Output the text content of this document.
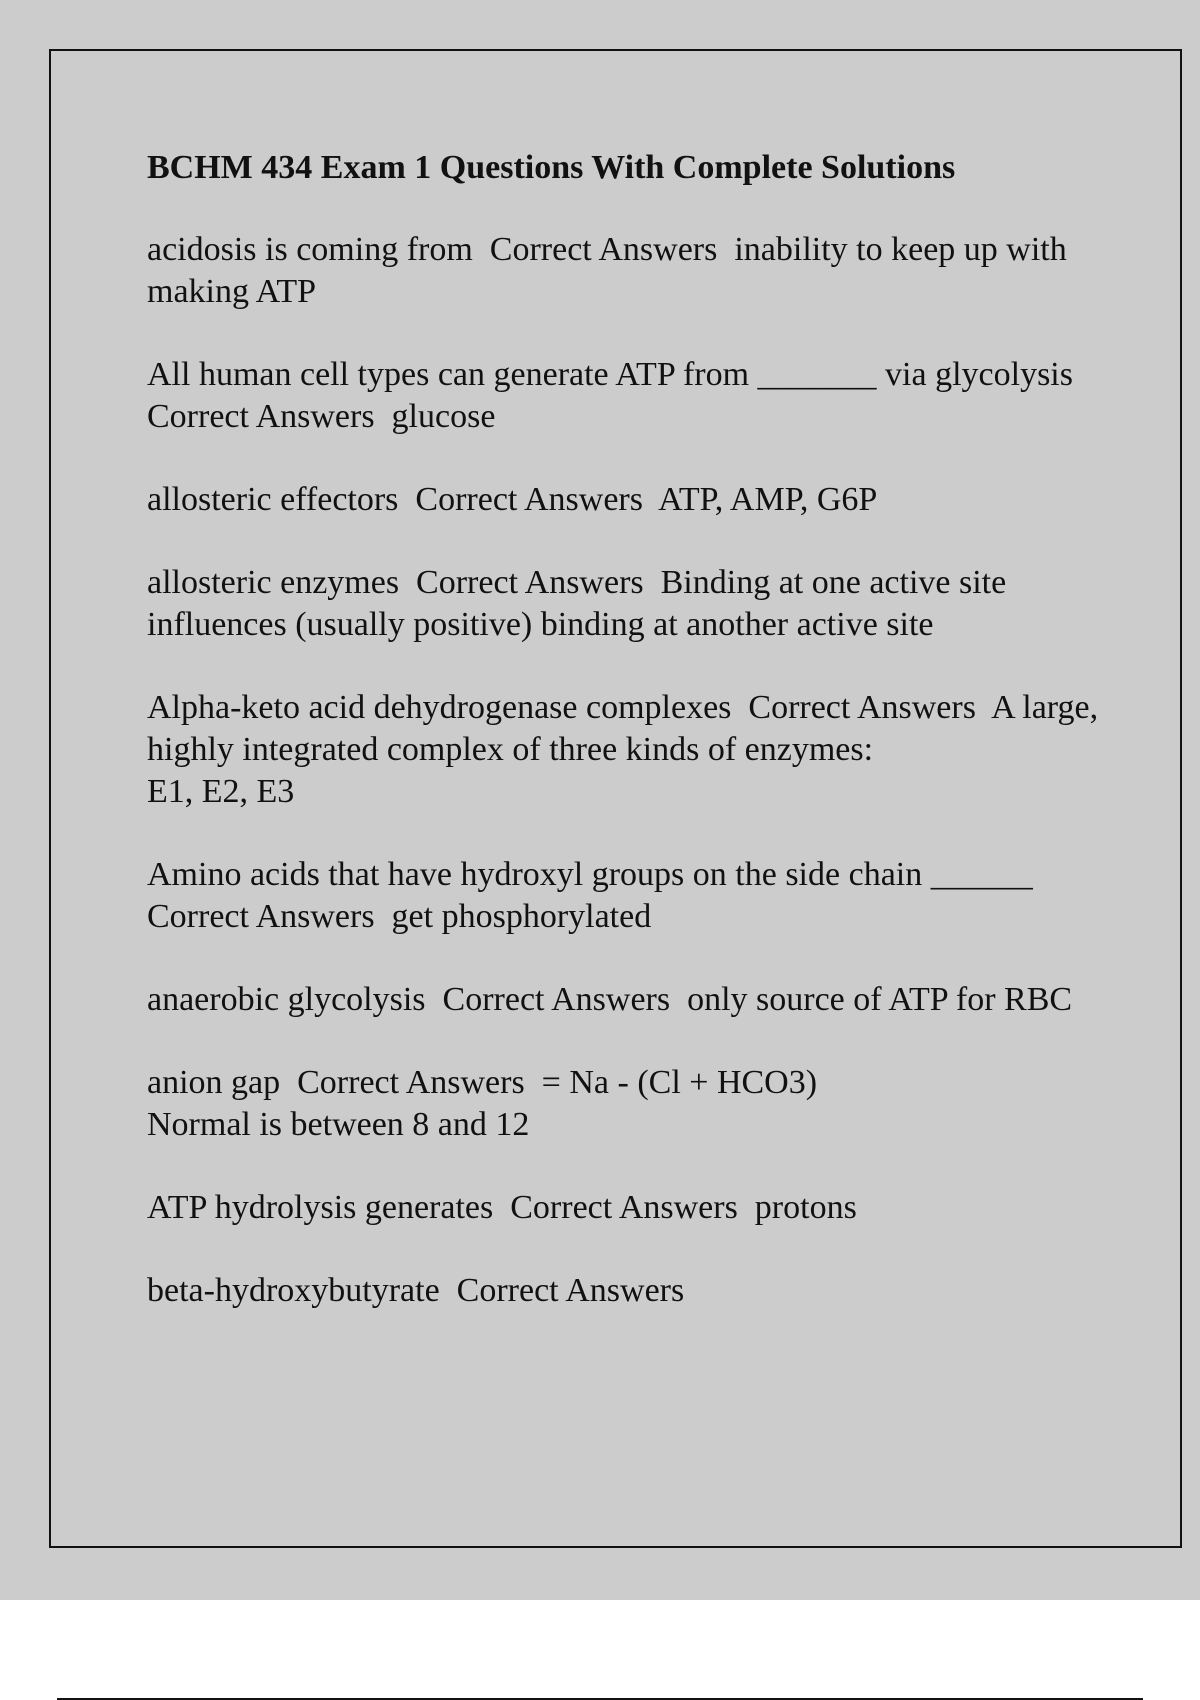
BCHM 434 Exam 1 Questions With Complete Solutions
acidosis is coming from  Correct Answers  inability to keep up with making ATP
All human cell types can generate ATP from _______ via glycolysis  Correct Answers  glucose
allosteric effectors  Correct Answers  ATP, AMP, G6P
allosteric enzymes  Correct Answers  Binding at one active site influences (usually positive) binding at another active site
Alpha-keto acid dehydrogenase complexes  Correct Answers  A large, highly integrated complex of three kinds of enzymes:
E1, E2, E3
Amino acids that have hydroxyl groups on the side chain ______ Correct Answers  get phosphorylated
anaerobic glycolysis  Correct Answers  only source of ATP for RBC
anion gap  Correct Answers  = Na - (Cl + HCO3)
Normal is between 8 and 12
ATP hydrolysis generates  Correct Answers  protons
beta-hydroxybutyrate  Correct Answers
